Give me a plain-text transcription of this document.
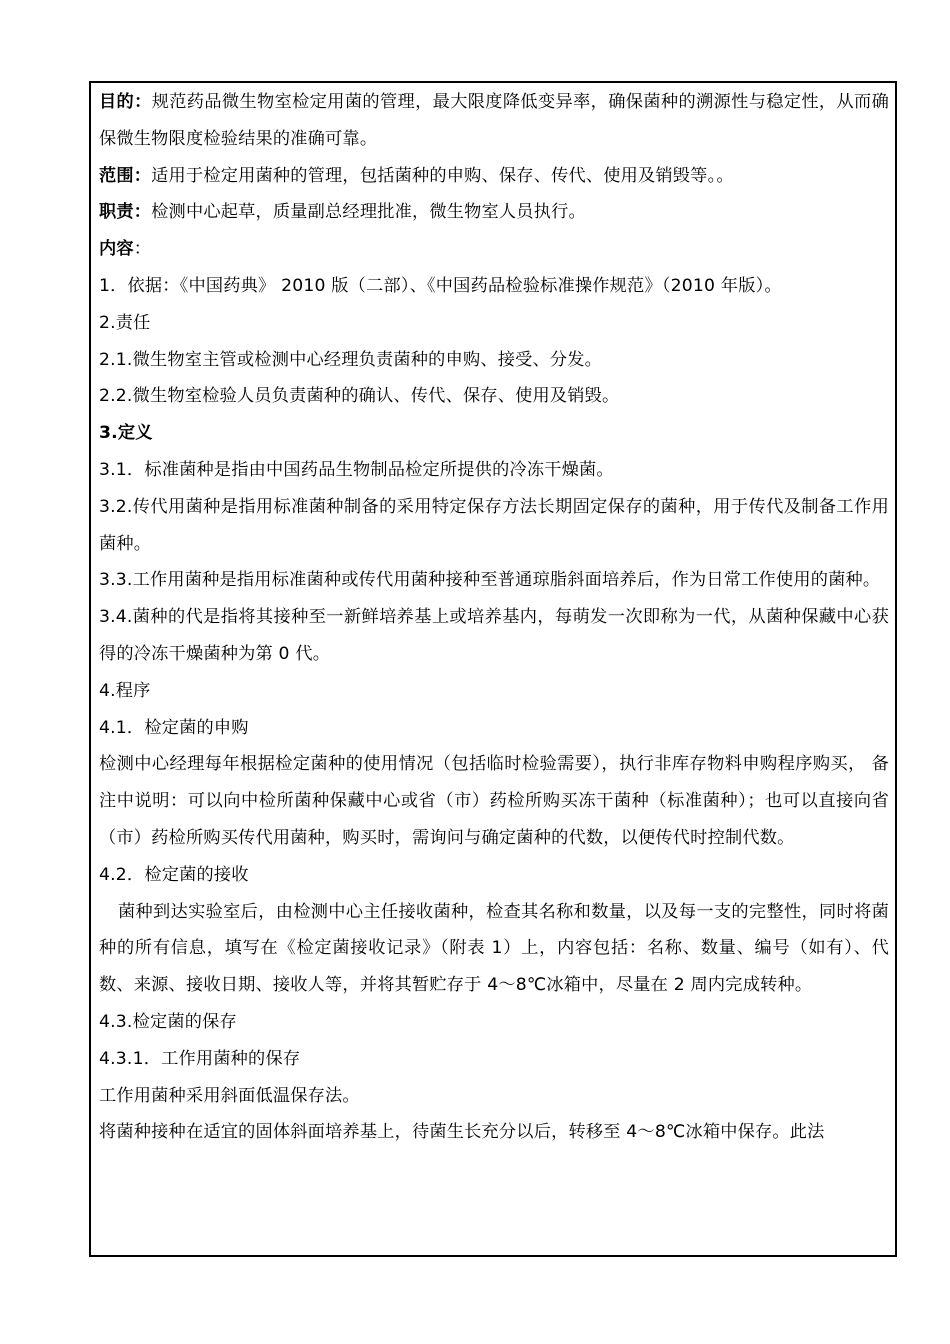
目的：规范药品微生物室检定用菌的管理，最大限度降低变异率，确保菌种的溯源性与稳定性，从而确保微生物限度检验结果的准确可靠。

范围：适用于检定用菌种的管理，包括菌种的申购、保存、传代、使用及销毁等。。

职责：检测中心起草，质量副总经理批准，微生物室人员执行。

内容：

1．依据：《中国药典》 2010 版（二部）、《中国药品检验标准操作规范》（2010 年版）。

2.责任

2.1.微生物室主管或检测中心经理负责菌种的申购、接受、分发。

2.2.微生物室检验人员负责菌种的确认、传代、保存、使用及销毁。

3.定义

3.1．标准菌种是指由中国药品生物制品检定所提供的冷冻干燥菌。

3.2.传代用菌种是指用标准菌种制备的采用特定保存方法长期固定保存的菌种，用于传代及制备工作用菌种。

3.3.工作用菌种是指用标准菌种或传代用菌种接种至普通琼脂斜面培养后，作为日常工作使用的菌种。

3.4.菌种的代是指将其接种至一新鲜培养基上或培养基内，每萌发一次即称为一代，从菌种保藏中心获得的冷冻干燥菌种为第 0 代。

4.程序

4.1．检定菌的申购

检测中心经理每年根据检定菌种的使用情况（包括临时检验需要），执行非库存物料申购程序购买， 备注中说明：可以向中检所菌种保藏中心或省（市）药检所购买冻干菌种（标准菌种）；也可以直接向省（市）药检所购买传代用菌种，购买时，需询问与确定菌种的代数，以便传代时控制代数。

4.2．检定菌的接收

菌种到达实验室后，由检测中心主任接收菌种，检查其名称和数量，以及每一支的完整性，同时将菌种的所有信息，填写在《检定菌接收记录》（附表 1）上，内容包括：名称、数量、编号（如有）、代数、来源、接收日期、接收人等，并将其暂贮存于 4～8℃冰箱中，尽量在 2 周内完成转种。

4.3.检定菌的保存

4.3.1．工作用菌种的保存

工作用菌种采用斜面低温保存法。

将菌种接种在适宜的固体斜面培养基上，待菌生长充分以后，转移至 4～8℃冰箱中保存。此法
